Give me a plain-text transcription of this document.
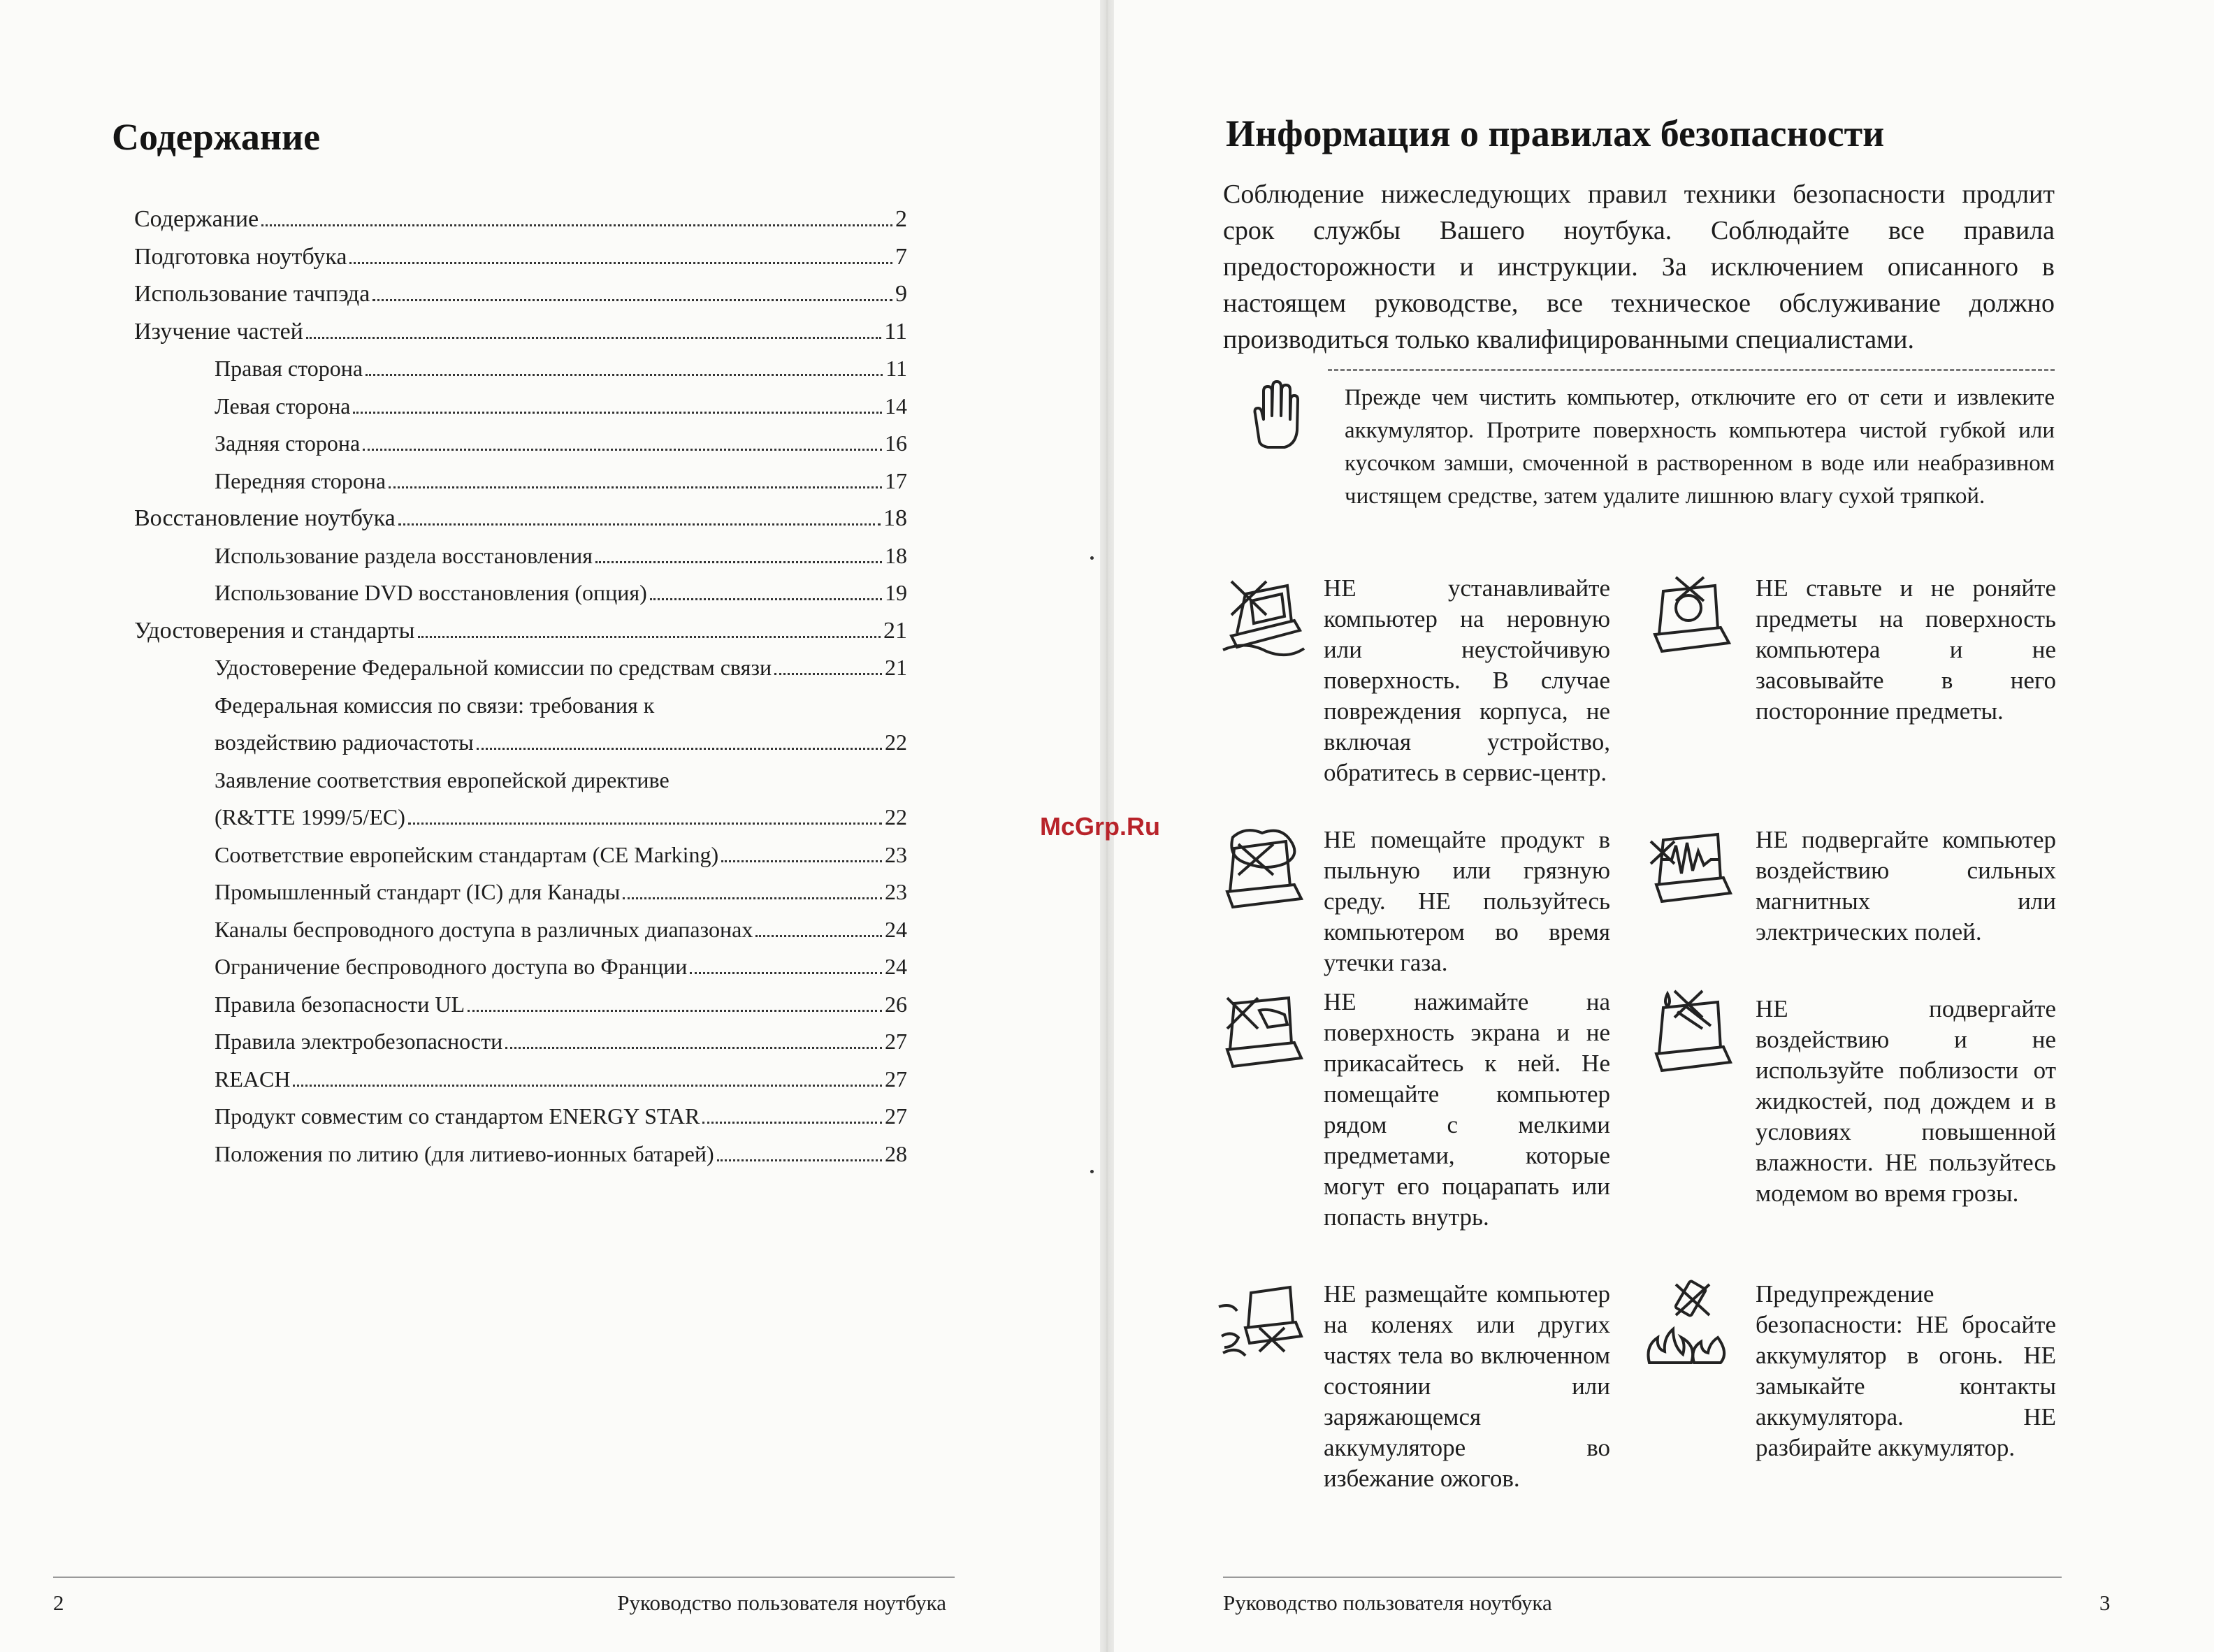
Содержание
Содержание	2
Подготовка ноутбука	7
Использование тачпэда	9
Изучение частей	11
Правая сторона	11
Левая сторона	14
Задняя сторона	16
Передняя сторона	17
Восстановление ноутбука	18
Использование раздела восстановления	18
Использование DVD восстановления (опция)	19
Удостоверения и стандарты	21
Удостоверение Федеральной комиссии по средствам связи	21
Федеральная комиссия по связи: требования к
воздействию радиочастоты	22
Заявление соответствия европейской директиве
(R&TTE 1999/5/EC)	22
Соответствие европейским стандартам (CE Marking)	23
Промышленный стандарт (IC) для Канады	23
Каналы беспроводного доступа в различных диапазонах	24
Ограничение беспроводного доступа во Франции	24
Правила безопасности UL	26
Правила электробезопасности	27
REACH	27
Продукт совместим со стандартом ENERGY STAR	27
Положения по литию (для литиево-ионных батарей)	28
2	Руководство пользователя ноутбука
Информация о правилах безопасности

Соблюдение нижеследующих правил техники безопасности продлит срок службы Вашего ноутбука. Соблюдайте все правила предосторожности и инструкции. За исключением описанного в настоящем руководстве, все техническое обслуживание должно производиться только квалифицированными специалистами.

Прежде чем чистить компьютер, отключите его от сети и извлеките аккумулятор. Протрите поверхность компьютера чистой губкой или кусочком замши, смоченной в растворенном в воде или неабразивном чистящем средстве, затем удалите лишнюю влагу сухой тряпкой.

НЕ устанавливайте компьютер на неровную или неустойчивую поверхность. В случае повреждения корпуса, не включая устройство, обратитесь в сервис-центр.

НЕ ставьте и не роняйте предметы на поверхность компьютера и не засовывайте в него посторонние предметы.

НЕ помещайте продукт в пыльную или грязную среду. НЕ пользуйтесь компьютером во время утечки газа.

НЕ подвергайте компьютер воздействию сильных магнитных или электрических полей.

НЕ нажимайте на поверхность экрана и не прикасайтесь к ней. Не помещайте компьютер рядом с мелкими предметами, которые могут его поцарапать или попасть внутрь.

НЕ подвергайте воздействию и не используйте поблизости от жидкостей, под дождем и в условиях повышенной влажности. НЕ пользуйтесь модемом во время грозы.

НЕ размещайте компьютер на коленях или других частях тела во включенном состоянии или заряжающемся аккумуляторе во избежание ожогов.

Предупреждение безопасности: НЕ бросайте аккумулятор в огонь. НЕ замыкайте контакты аккумулятора. НЕ разбирайте аккумулятор.

Руководство пользователя ноутбука	3
McGrp.Ru
